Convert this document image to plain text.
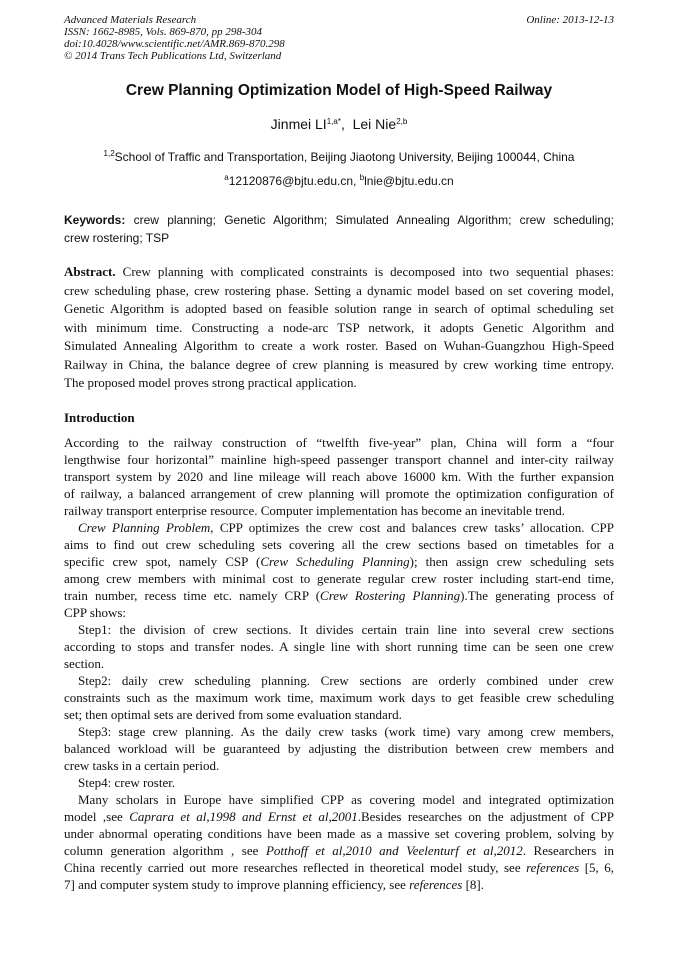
Advanced Materials Research
ISSN: 1662-8985, Vols. 869-870, pp 298-304
doi:10.4028/www.scientific.net/AMR.869-870.298
© 2014 Trans Tech Publications Ltd, Switzerland
Online: 2013-12-13
Crew Planning Optimization Model of High-Speed Railway
Jinmei $LI^{1,a*}$,  Lei Nie$^{2,b}$
$^{1,2}$School of Traffic and Transportation, Beijing Jiaotong University, Beijing 100044, China
$^a$12120876@bjtu.edu.cn, $^b$lnie@bjtu.edu.cn
Keywords: crew planning; Genetic Algorithm; Simulated Annealing Algorithm; crew scheduling;
crew rostering; TSP
Abstract. Crew planning with complicated constraints is decomposed into two sequential phases:
crew scheduling phase, crew rostering phase. Setting a dynamic model based on set covering model,
Genetic Algorithm is adopted based on feasible solution range in search of optimal scheduling set
with minimum time. Constructing a node-arc TSP network, it adopts Genetic Algorithm and
Simulated Annealing Algorithm to create a work roster. Based on Wuhan-Guangzhou High-Speed
Railway in China, the balance degree of crew planning is measured by crew working time entropy.
The proposed model proves strong practical application.
Introduction
According to the railway construction of “twelfth five-year” plan, China will form a “four
lengthwise four horizontal” mainline high-speed passenger transport channel and inter-city railway
transport system by 2020 and line mileage will reach above 16000 km. With the further expansion
of railway, a balanced arrangement of crew planning will promote the optimization configuration of
railway transport enterprise resource. Computer implementation has become an inevitable trend.
Crew Planning Problem, CPP optimizes the crew cost and balances crew tasks’ allocation. CPP
aims to find out crew scheduling sets covering all the crew sections based on timetables for a
specific crew spot, namely CSP (Crew Scheduling Planning); then assign crew scheduling sets
among crew members with minimal cost to generate regular crew roster including start-end time,
train number, recess time etc. namely CRP (Crew Rostering Planning).The generating process of
CPP shows:
Step1: the division of crew sections. It divides certain train line into several crew sections
according to stops and transfer nodes. A single line with short running time can be seen one crew
section.
Step2: daily crew scheduling planning. Crew sections are orderly combined under crew
constraints such as the maximum work time, maximum work days to get feasible crew scheduling
set; then optimal sets are derived from some evaluation standard.
Step3: stage crew planning. As the daily crew tasks (work time) vary among crew members,
balanced workload will be guaranteed by adjusting the distribution between crew members and
crew tasks in a certain period.
Step4: crew roster.
Many scholars in Europe have simplified CPP as covering model and integrated optimization
model ,see Caprara et al,1998 and Ernst et al,2001.Besides researches on the adjustment of CPP
under abnormal operating conditions have been made as a massive set covering problem, solving by
column generation algorithm , see Potthoff et al,2010 and Veelenturf et al,2012. Researchers in
China recently carried out more researches reflected in theoretical model study, see references [5, 6,
7] and computer system study to improve planning efficiency, see references [8].
